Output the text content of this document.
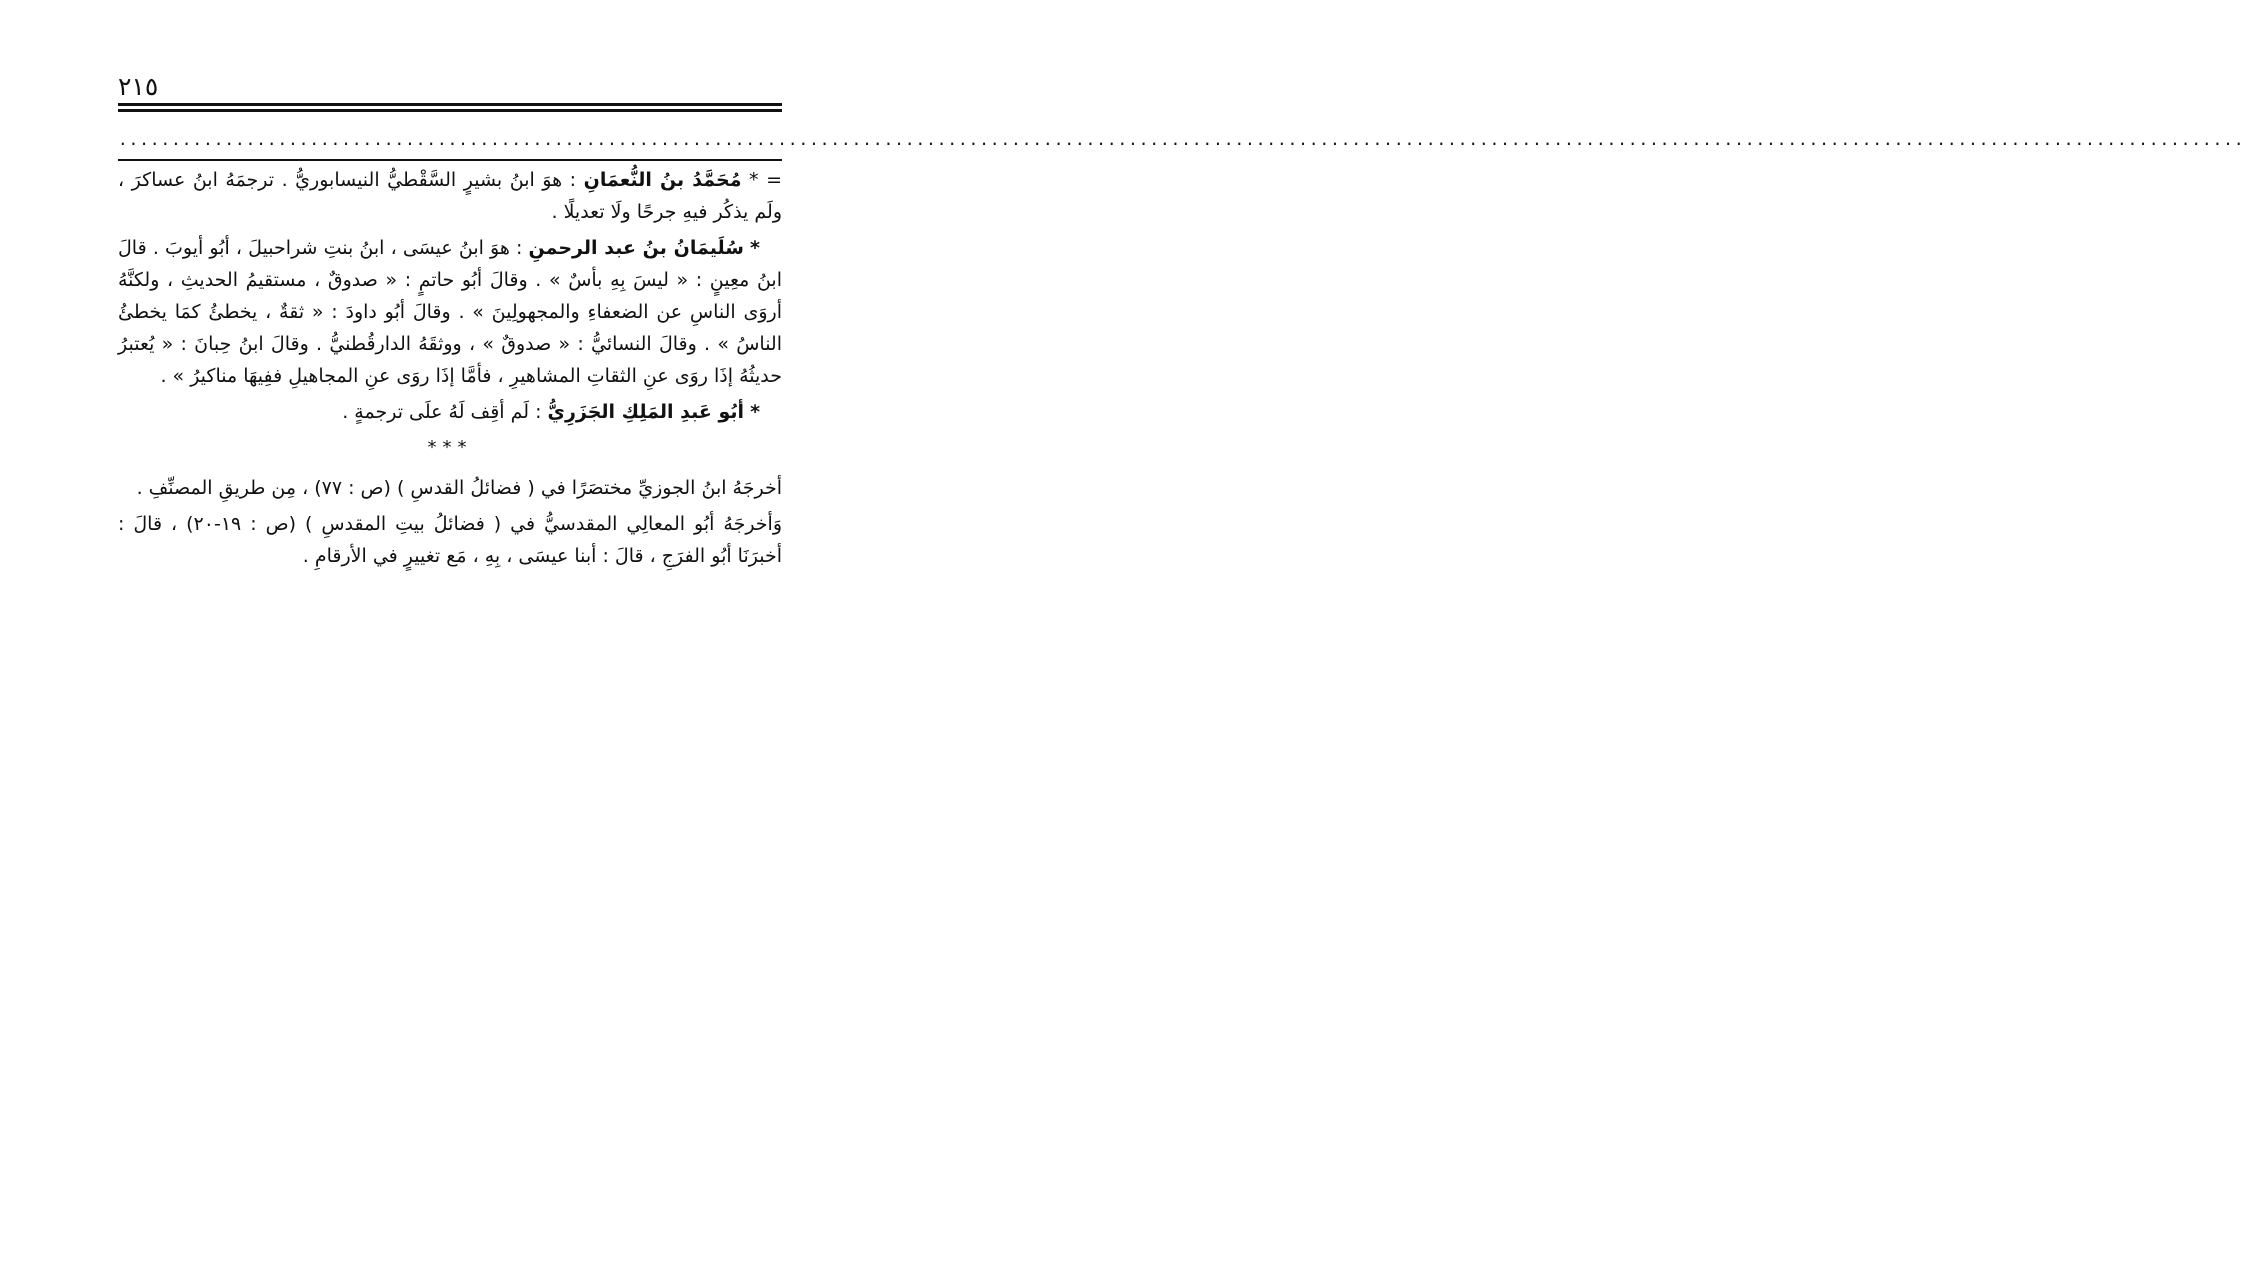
٢١٥
........................................................................................................................................................................................................

= * مُحَمَّدُ بنُ النُّعمَانِ : هوَ ابنُ بشيرٍ السَّقْطيُّ النيسابوريُّ . ترجمَهُ ابنُ عساكرَ ، ولَم يذكُر فيهِ جرحًا ولَا تعديلًا .

* سُلَيمَانُ بنُ عبد الرحمنِ : هوَ ابنُ عيسَى ، ابنُ بنتِ شراحبيلَ ، أبُو أيوبَ . قالَ ابنُ معِينٍ : « ليسَ بِهِ بأسٌ » . وقالَ أبُو حاتمٍ : « صدوقٌ ، مستقيمُ الحديثِ ، ولكنَّهُ أروَى الناسِ عن الضعفاءِ والمجهولِينَ » . وقالَ أبُو داودَ : « ثقةٌ ، يخطئُ كمَا يخطئُ الناسُ » . وقالَ النسائيُّ : « صدوقٌ » ، ووثقَهُ الدارقُطنيُّ . وقالَ ابنُ حِبانَ : « يُعتبرُ حديثُهُ إذَا روَى عنِ الثقاتِ المشاهيرِ ، فأمَّا إذَا روَى عنِ المجاهيلِ ففِيهَا مناكيرُ » .

* أبُو عَبدِ المَلِكِ الجَزَرِيُّ : لَم أقِف لَهُ علَى ترجمةٍ .

***

أخرجَهُ ابنُ الجوزيِّ مختصَرًا في ( فضائلُ القدسِ ) (ص : ٧٧) ، مِن طريقِ المصنِّفِ .

وَأخرجَهُ أبُو المعالِي المقدسيُّ في ( فضائلُ بيتِ المقدسِ ) (ص : ١٩-٢٠) ، قالَ : أخبرَنَا أبُو الفرَجِ ، قالَ : أبنا عيسَى ، بِهِ ، مَع تغييرٍ في الأرقامِ .
